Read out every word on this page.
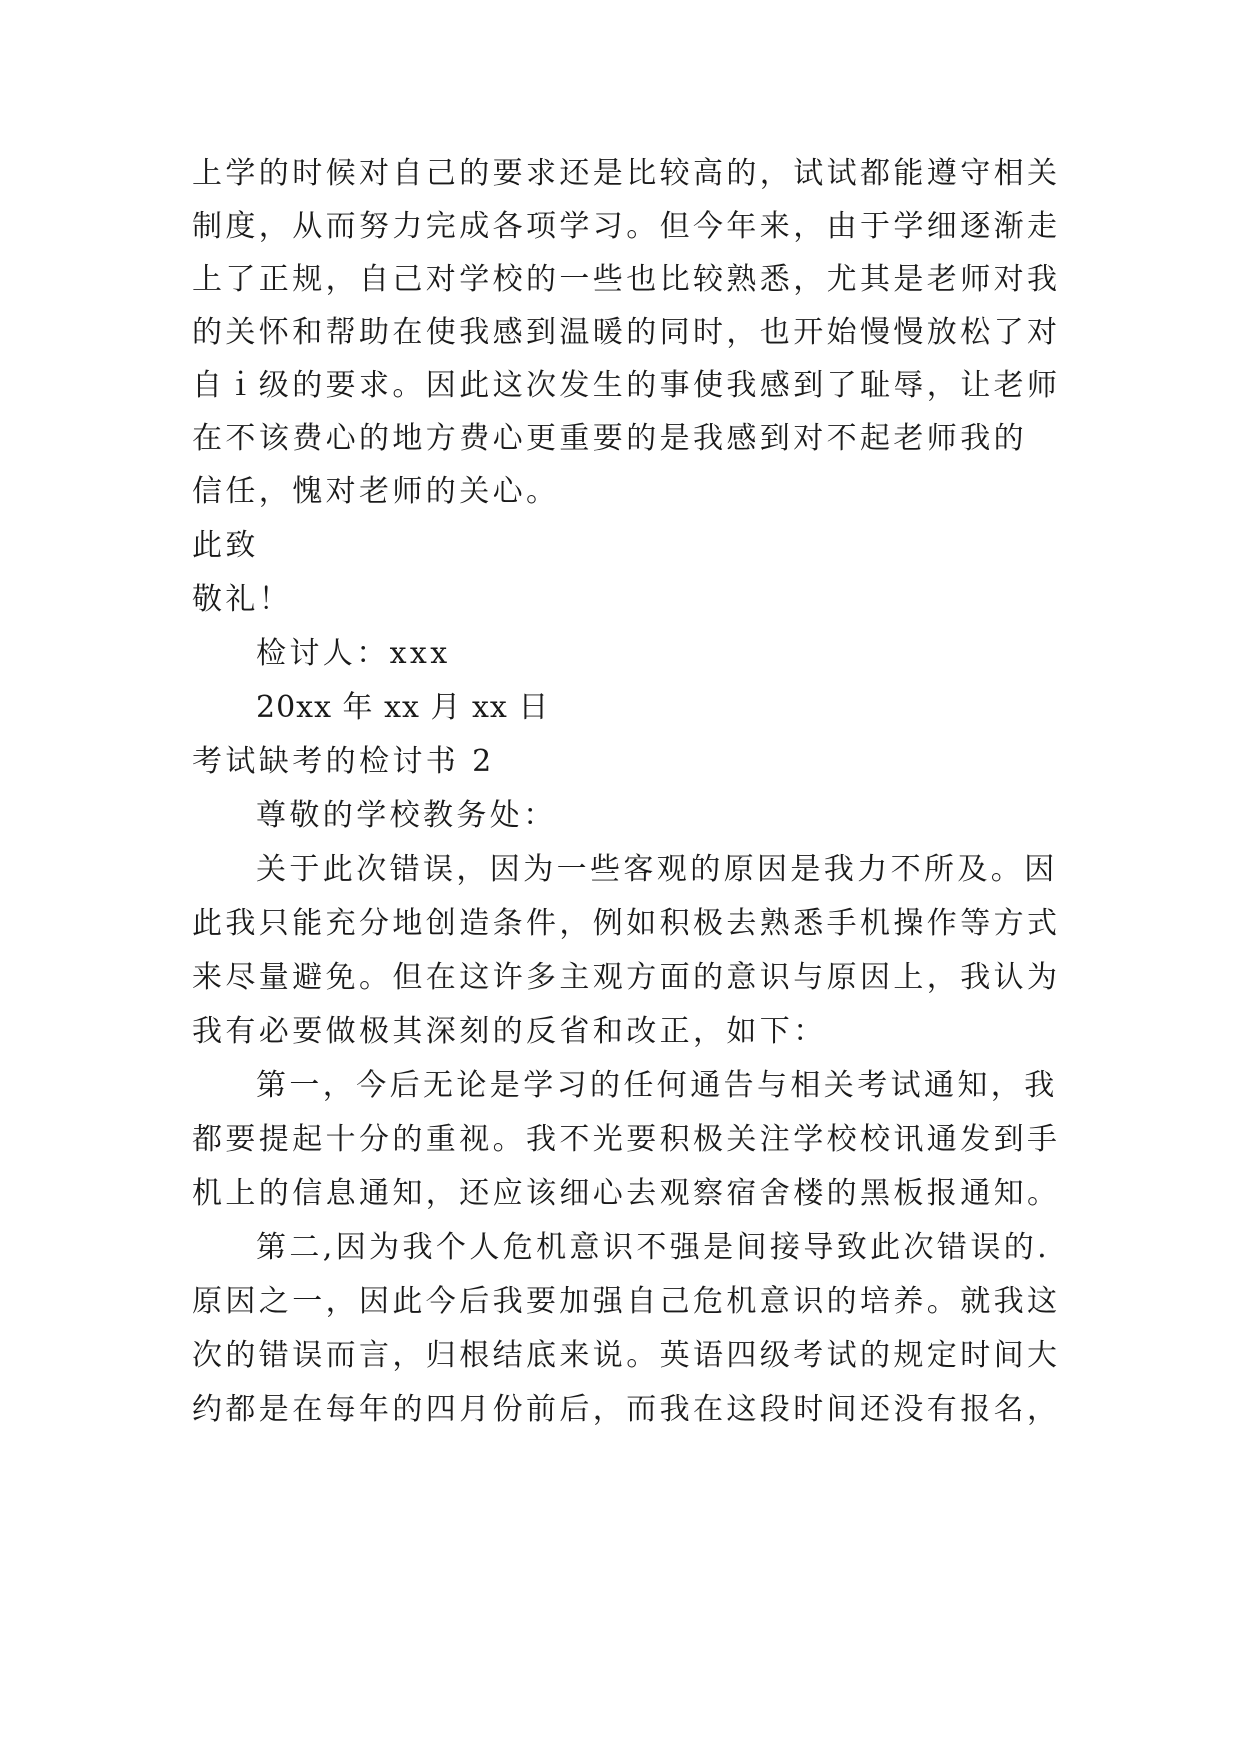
上学的时候对自己的要求还是比较高的，试试都能遵守相关
制度，从而努力完成各项学习。但今年来，由于学细逐渐走
上了正规，自己对学校的一些也比较熟悉，尤其是老师对我
的关怀和帮助在使我感到温暖的同时，也开始慢慢放松了对
自ｉ级的要求。因此这次发生的事使我感到了耻辱，让老师
在不该费心的地方费心更重要的是我感到对不起老师我的
信任，愧对老师的关心。
此致
敬礼！
检讨人：xxx
20xx 年 xx 月 xx 日
考试缺考的检讨书 2
尊敬的学校教务处：
关于此次错误，因为一些客观的原因是我力不所及。因
此我只能充分地创造条件，例如积极去熟悉手机操作等方式
来尽量避免。但在这许多主观方面的意识与原因上，我认为
我有必要做极其深刻的反省和改正，如下：
第一，今后无论是学习的任何通告与相关考试通知，我
都要提起十分的重视。我不光要积极关注学校校讯通发到手
机上的信息通知，还应该细心去观察宿舍楼的黑板报通知。
第二,因为我个人危机意识不强是间接导致此次错误的.
原因之一，因此今后我要加强自己危机意识的培养。就我这
次的错误而言，归根结底来说。英语四级考试的规定时间大
约都是在每年的四月份前后，而我在这段时间还没有报名，
